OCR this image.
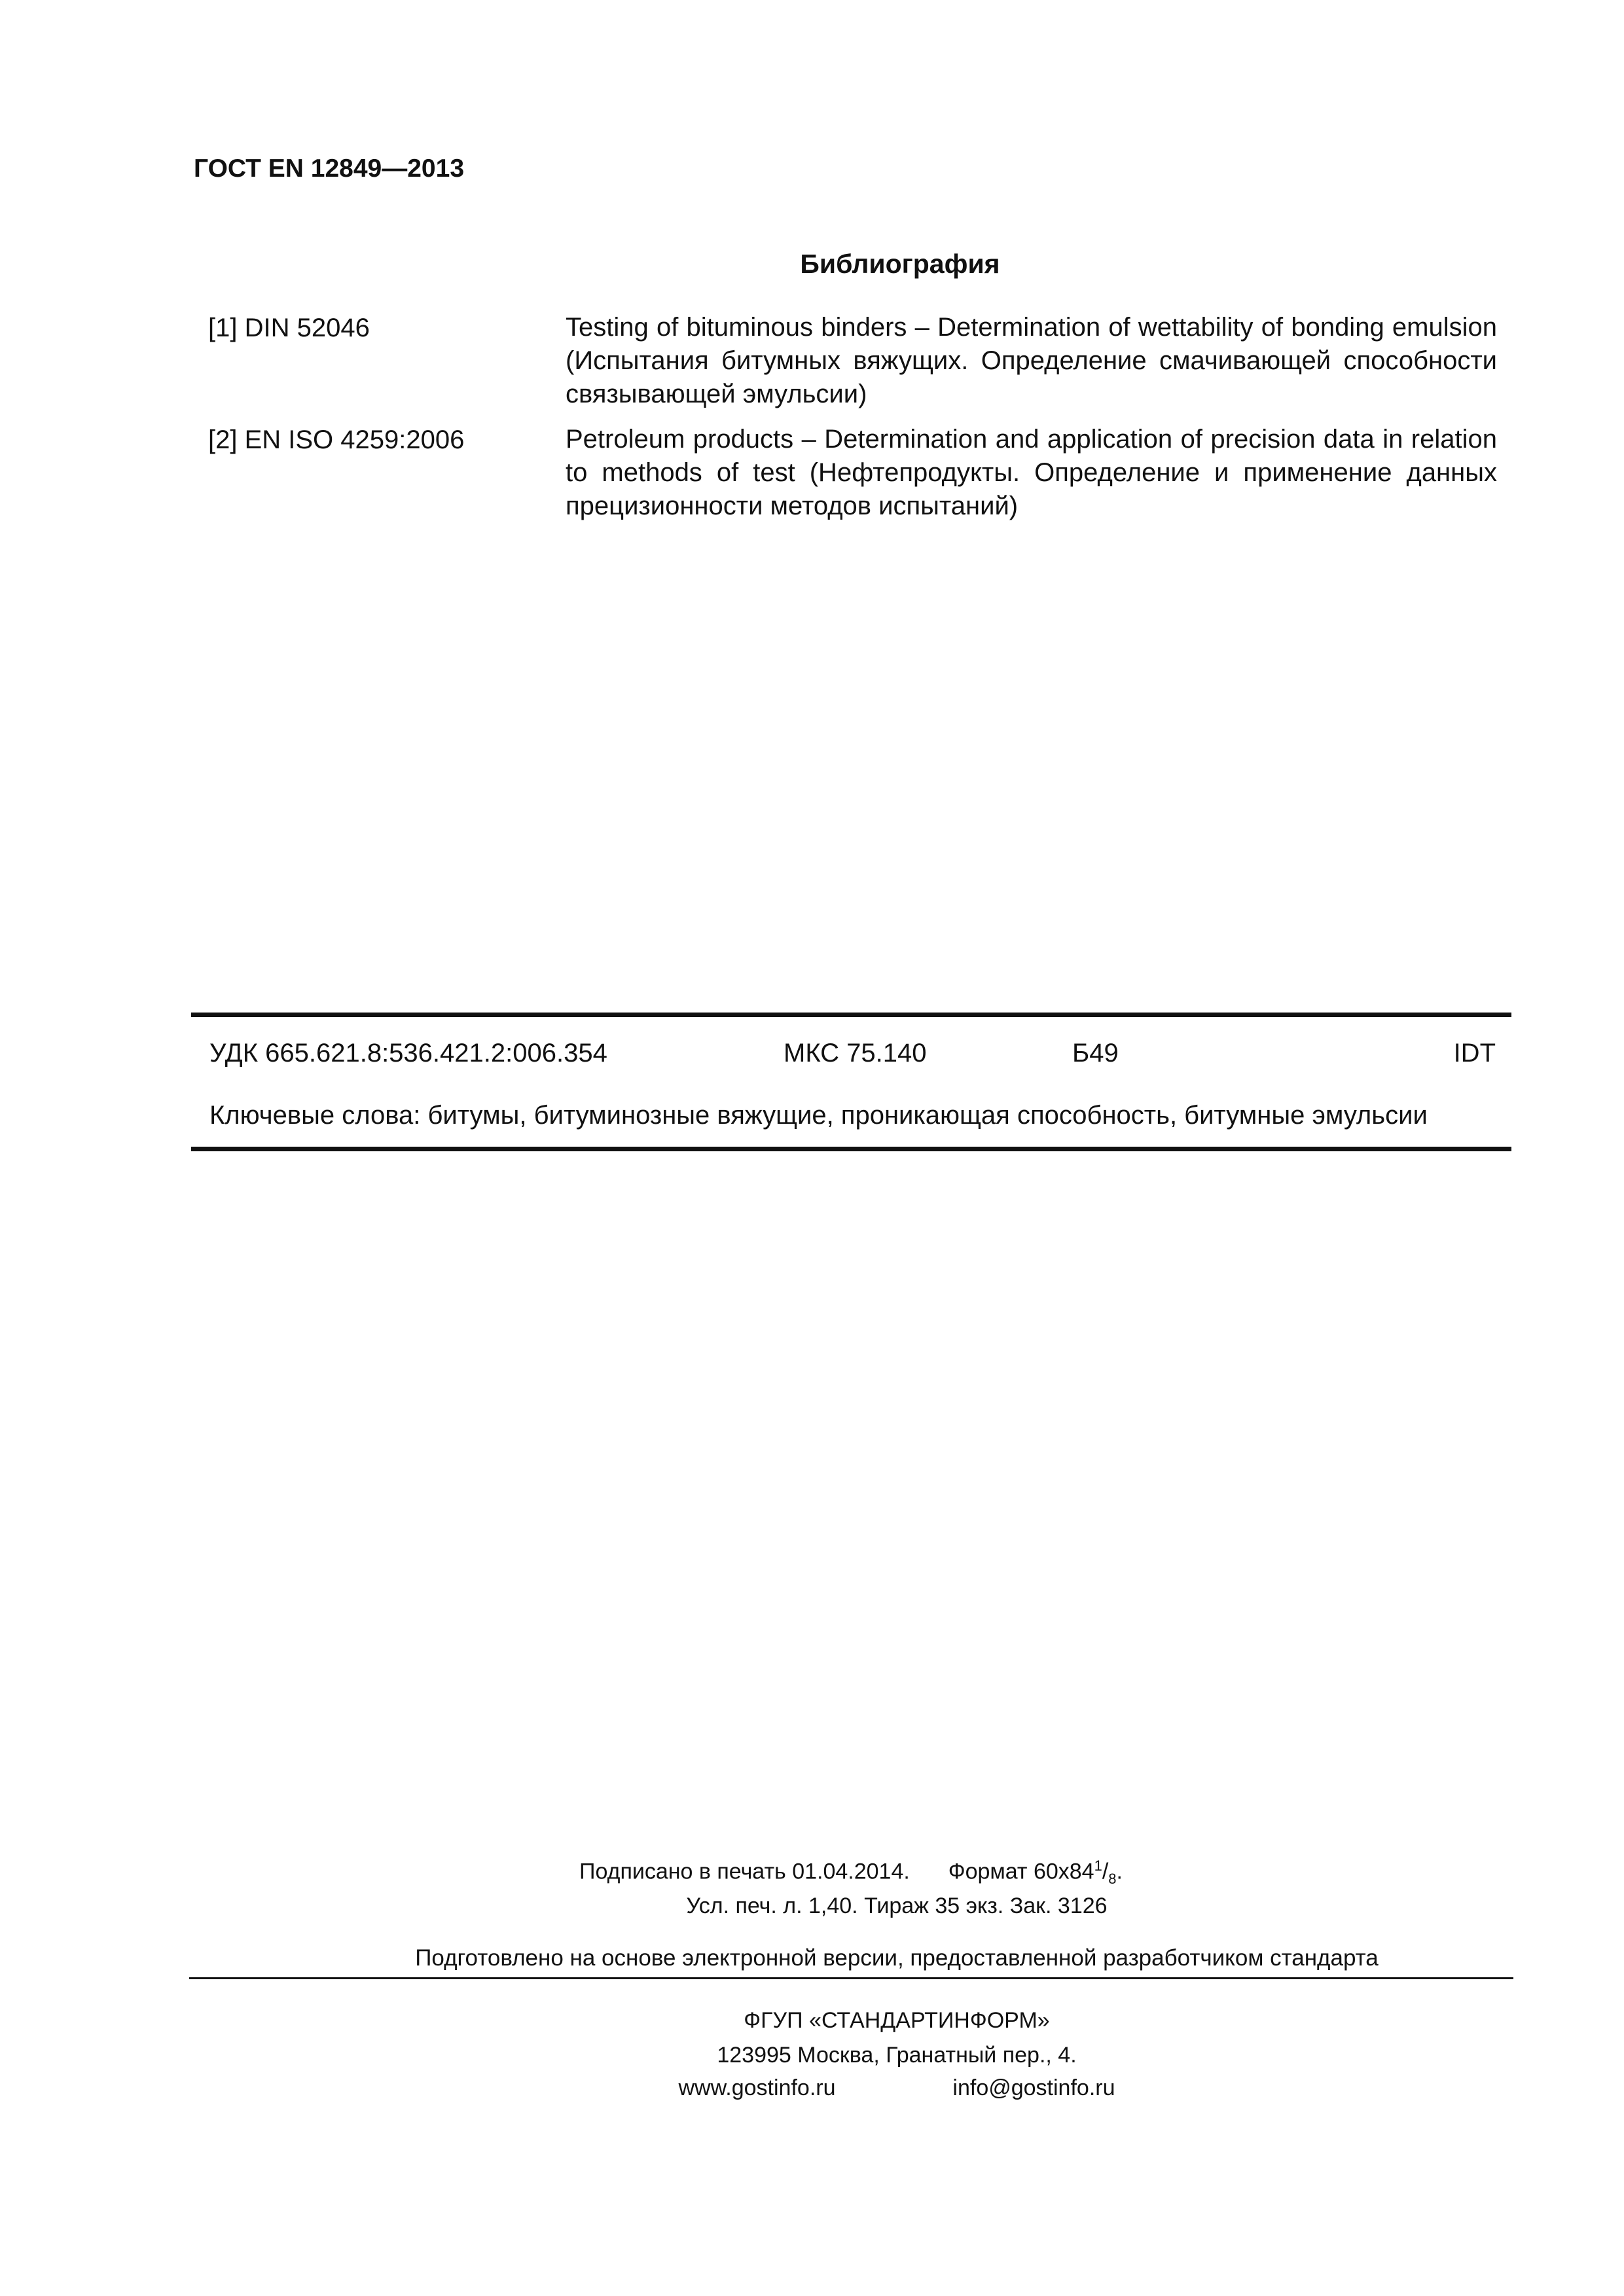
ГОСТ EN 12849—2013
Библиография
[1] DIN 52046	Testing of bituminous binders – Determination of wettability of bonding emulsion (Испытания битумных вяжущих. Определение смачивающей способности связывающей эмульсии)
[2] EN ISO 4259:2006	Petroleum products – Determination and application of precision data in relation to methods of test (Нефтепродукты. Определение и применение данных прецизионности методов испытаний)
УДК 665.621.8:536.421.2:006.354	МКС 75.140	Б49	IDT
Ключевые слова: битумы, битуминозные вяжущие, проникающая способность, битумные эмульсии
Подписано в печать 01.04.2014. Формат $60х84^1/_8$.
Усл. печ. л. 1,40. Тираж 35 экз. Зак. 3126
Подготовлено на основе электронной версии, предоставленной разработчиком стандарта
ФГУП «СТАНДАРТИНФОРМ»
123995 Москва, Гранатный пер., 4.
www.gostinfo.ru	info@gostinfo.ru
